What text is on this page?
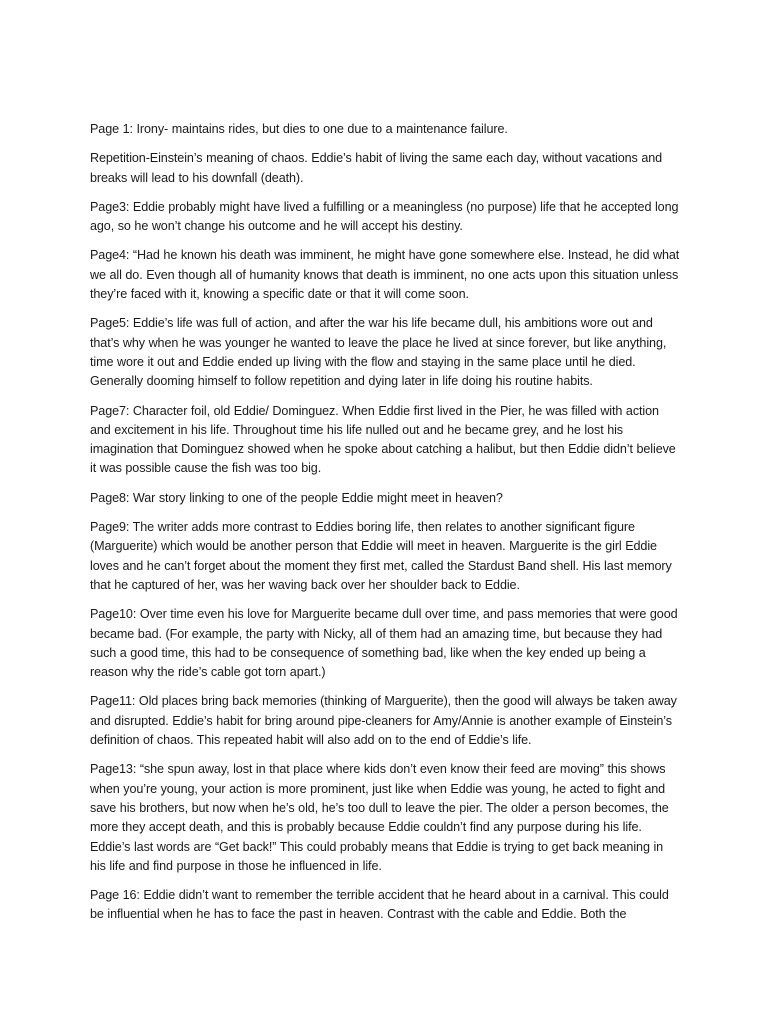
Page 1: Irony- maintains rides, but dies to one due to a maintenance failure.

Repetition-Einstein’s meaning of chaos. Eddie’s habit of living the same each day, without vacations and breaks will lead to his downfall (death).

Page3: Eddie probably might have lived a fulfilling or a meaningless (no purpose) life that he accepted long ago, so he won’t change his outcome and he will accept his destiny.

Page4: “Had he known his death was imminent, he might have gone somewhere else. Instead, he did what we all do. Even though all of humanity knows that death is imminent, no one acts upon this situation unless they’re faced with it, knowing a specific date or that it will come soon.

Page5: Eddie’s life was full of action, and after the war his life became dull, his ambitions wore out and that’s why when he was younger he wanted to leave the place he lived at since forever, but like anything, time wore it out and Eddie ended up living with the flow and staying in the same place until he died. Generally dooming himself to follow repetition and dying later in life doing his routine habits.

Page7: Character foil, old Eddie/ Dominguez. When Eddie first lived in the Pier, he was filled with action and excitement in his life. Throughout time his life nulled out and he became grey, and he lost his imagination that Dominguez showed when he spoke about catching a halibut, but then Eddie didn’t believe it was possible cause the fish was too big.

Page8: War story linking to one of the people Eddie might meet in heaven?

Page9: The writer adds more contrast to Eddies boring life, then relates to another significant figure (Marguerite) which would be another person that Eddie will meet in heaven. Marguerite is the girl Eddie loves and he can’t forget about the moment they first met, called the Stardust Band shell. His last memory that he captured of her, was her waving back over her shoulder back to Eddie.

Page10: Over time even his love for Marguerite became dull over time, and pass memories that were good became bad. (For example, the party with Nicky, all of them had an amazing time, but because they had such a good time, this had to be consequence of something bad, like when the key ended up being a reason why the ride’s cable got torn apart.)

Page11: Old places bring back memories (thinking of Marguerite), then the good will always be taken away and disrupted. Eddie’s habit for bring around pipe-cleaners for Amy/Annie is another example of Einstein’s definition of chaos. This repeated habit will also add on to the end of Eddie’s life.

Page13: “she spun away, lost in that place where kids don’t even know their feed are moving” this shows when you’re young, your action is more prominent, just like when Eddie was young, he acted to fight and save his brothers, but now when he’s old, he’s too dull to leave the pier. The older a person becomes, the more they accept death, and this is probably because Eddie couldn’t find any purpose during his life. Eddie’s last words are “Get back!” This could probably means that Eddie is trying to get back meaning in his life and find purpose in those he influenced in life.

Page 16: Eddie didn’t want to remember the terrible accident that he heard about in a carnival. This could be influential when he has to face the past in heaven. Contrast with the cable and Eddie. Both the
